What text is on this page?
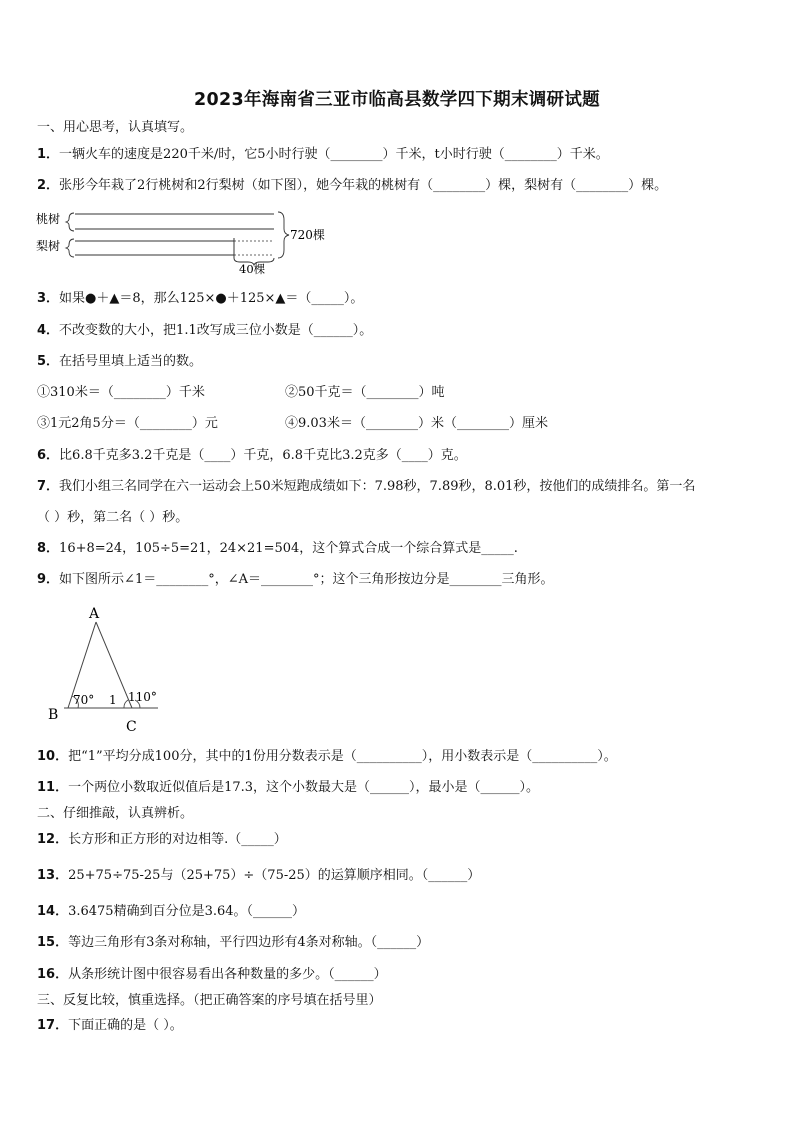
2023年海南省三亚市临高县数学四下期末调研试题
一、用心思考，认真填写。
1．一辆火车的速度是220千米/时，它5小时行驶（________）千米，t小时行驶（________）千米。
2．张彤今年栽了2行桃树和2行梨树（如下图），她今年栽的桃树有（________）棵，梨树有（________）棵。
桃树
梨树
720棵
40棵
3．如果●＋▲＝8，那么125×●＋125×▲＝（_____）。
4．不改变数的大小，把1.1改写成三位小数是（______）。
5．在括号里填上适当的数。
①310米＝（________）千米	②50千克＝（________）吨
③1元2角5分＝（________）元	④9.03米＝（________）米（________）厘米
6．比6.8千克多3.2千克是（____）千克，6.8千克比3.2克多（____）克。
7．我们小组三名同学在六一运动会上50米短跑成绩如下：7.98秒，7.89秒，8.01秒，按他们的成绩排名。第一名
（ ）秒，第二名（ ）秒。
8．16+8=24，105÷5=21，24×21=504，这个算式合成一个综合算式是_____.
9．如下图所示∠1＝________°，∠A＝________°；这个三角形按边分是________三角形。
A
70° 1 110°
B
C
10．把“1”平均分成100分，其中的1份用分数表示是（__________），用小数表示是（__________）。
11．一个两位小数取近似值后是17.3，这个小数最大是（______），最小是（______）。
二、仔细推敲，认真辨析。
12．长方形和正方形的对边相等.（_____）
13．25+75÷75-25与（25+75）÷（75-25）的运算顺序相同。（______）
14．3.6475精确到百分位是3.64。（______）
15．等边三角形有3条对称轴，平行四边形有4条对称轴。（______）
16．从条形统计图中很容易看出各种数量的多少。（______）
三、反复比较，慎重选择。（把正确答案的序号填在括号里）
17．下面正确的是（ ）。
